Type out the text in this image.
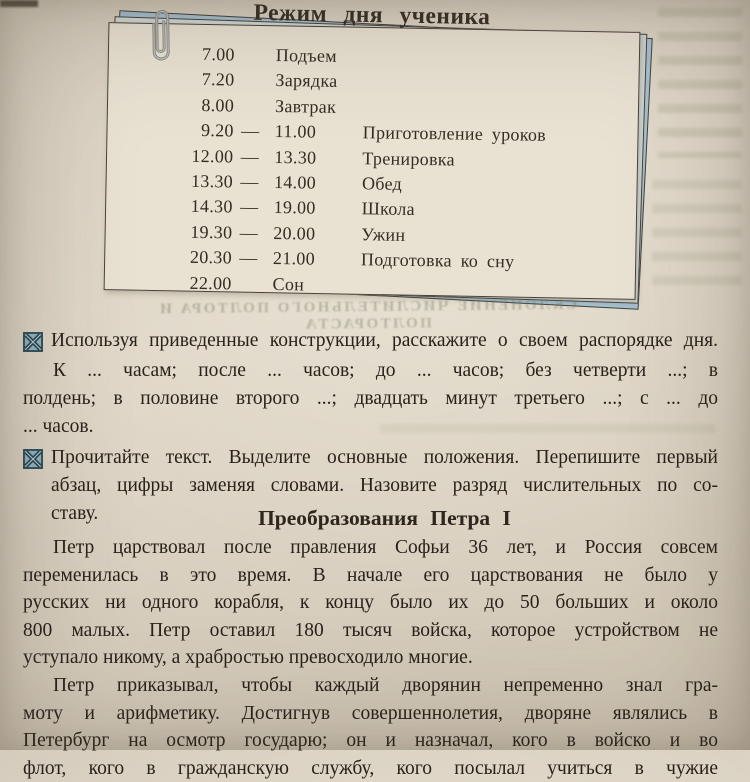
Режим дня ученика
7.00	Подъем
7.20	Зарядка
8.00	Завтрак
9.20 — 11.00	Приготовление уроков
12.00 — 13.30	Тренировка
13.30 — 14.00	Обед
14.30 — 19.00	Школа
19.30 — 20.00	Ужин
20.30 — 21.00	Подготовка ко сну
22.00	Сон
СКЛОНЕНИЕ ЧИСЛИТЕЛЬНОГО ПОЛТОРА И ПОЛТОРАСТА
Используя приведенные конструкции, расскажите о своем распорядке дня.
К ... часам; после ... часов; до ... часов; без четверти ...; в
полдень; в половине второго ...; двадцать минут третьего ...; с ... до
... часов.
Прочитайте текст. Выделите основные положения. Перепишите первый
абзац, цифры заменяя словами. Назовите разряд числительных по со-
ставу.	Преобразования Петра I
Петр царствовал после правления Софьи 36 лет, и Россия совсем
переменилась в это время. В начале его царствования не было у
русских ни одного корабля, к концу было их до 50 больших и около
800 малых. Петр оставил 180 тысяч войска, которое устройством не
уступало никому, а храбростью превосходило многие.
Петр приказывал, чтобы каждый дворянин непременно знал гра-
моту и арифметику. Достигнув совершеннолетия, дворяне являлись в
Петербург на осмотр государю; он и назначал, кого в войско и во
флот, кого в гражданскую службу, кого посылал учиться в чужие
